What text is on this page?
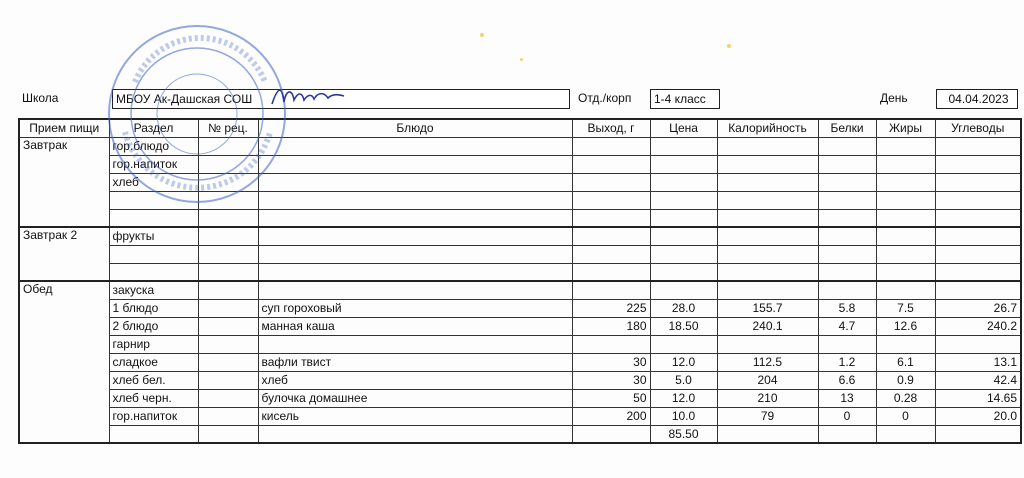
Школа	МБОУ Ак-Дашская СОШ	Отд./корп	1-4 класс	День	04.04.2023
Прием пищи	Раздел	№ рец.	Блюдо	Выход, г	Цена	Калорийность	Белки	Жиры	Углеводы
Завтрак	гор.блюдо								
	гор.напиток								
	хлеб								

Завтрак 2	фрукты								

Обед	закуска								
	1 блюдо		суп гороховый	225	28.0	155.7	5.8	7.5	26.7
	2 блюдо		манная каша	180	18.50	240.1	4.7	12.6	240.2
	гарнир								
	сладкое		вафли твист	30	12.0	112.5	1.2	6.1	13.1
	хлеб бел.		хлеб	30	5.0	204	6.6	0.9	42.4
	хлеб черн.		булочка домашнее	50	12.0	210	13	0.28	14.65
	гор.напиток		кисель	200	10.0	79	0	0	20.0
					85.50				
